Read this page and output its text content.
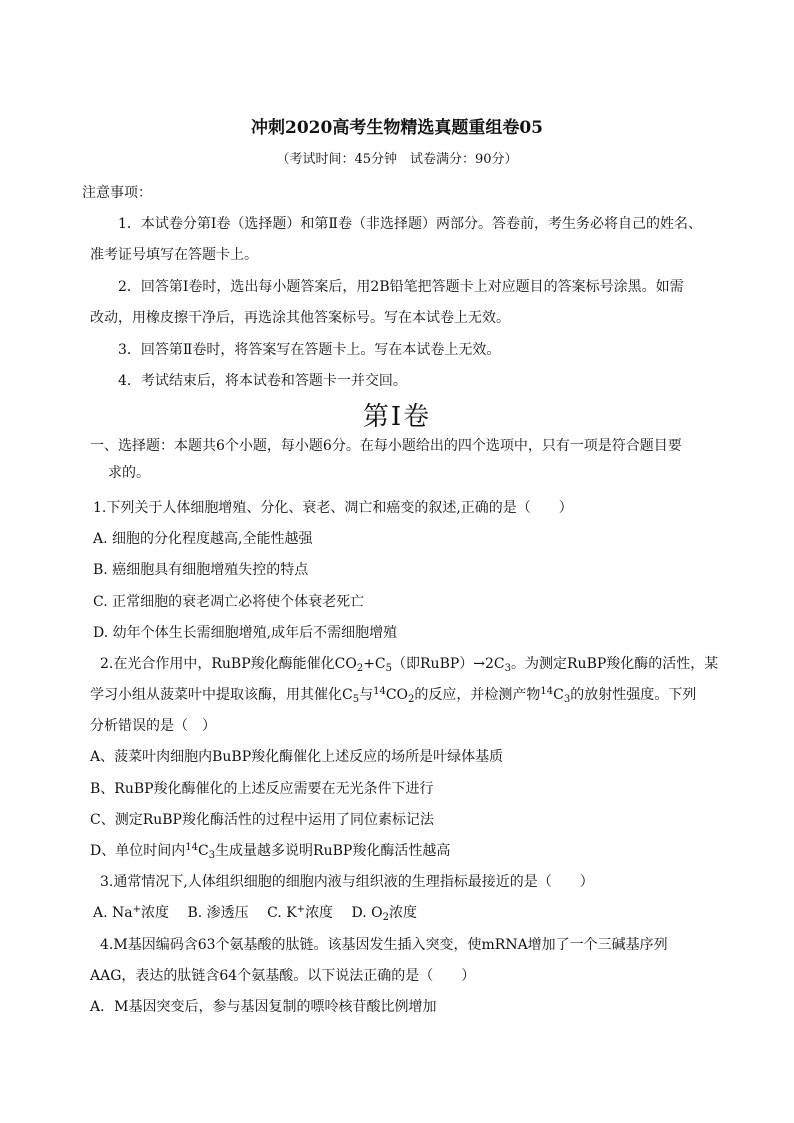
冲刺2020高考生物精选真题重组卷05
（考试时间：45分钟　试卷满分：90分）
注意事项：
1．本试卷分第Ⅰ卷（选择题）和第Ⅱ卷（非选择题）两部分。答卷前，考生务必将自己的姓名、
准考证号填写在答题卡上。
2．回答第Ⅰ卷时，选出每小题答案后，用2B铅笔把答题卡上对应题目的答案标号涂黑。如需
改动，用橡皮擦干净后，再选涂其他答案标号。写在本试卷上无效。
3．回答第Ⅱ卷时，将答案写在答题卡上。写在本试卷上无效。
4．考试结束后，将本试卷和答题卡一并交回。
第Ⅰ卷
一、选择题：本题共6个小题，每小题6分。在每小题给出的四个选项中，只有一项是符合题目要
求的。
1.下列关于人体细胞增殖、分化、衰老、凋亡和癌变的叙述,正确的是（　　）
A. 细胞的分化程度越高,全能性越强
B. 癌细胞具有细胞增殖失控的特点
C. 正常细胞的衰老凋亡必将使个体衰老死亡
D. 幼年个体生长需细胞增殖,成年后不需细胞增殖
2.在光合作用中，RuBP羧化酶能催化$CO_2+C_5$（即$RuBP)\to 2C_3$。为测定RuBP羧化酶的活性，某
学习小组从菠菜叶中提取该酶，用其催化$C_5$与$^{14}CO_2$的反应，并检测产物$^{14}C_3$的放射性强度。下列
分析错误的是（　）
A、菠菜叶肉细胞内BuBP羧化酶催化上述反应的场所是叶绿体基质
B、RuBP羧化酶催化的上述反应需要在无光条件下进行
C、测定RuBP羧化酶活性的过程中运用了同位素标记法
D、单位时间内$^{14}C_3$生成量越多说明RuBP羧化酶活性越高
3.通常情况下,人体组织细胞的细胞内液与组织液的生理指标最接近的是（　　）
A. Na+浓度　 B. 渗透压　 C. K+浓度　 D. $O_2$浓度
4.M基因编码含63个氨基酸的肽链。该基因发生插入突变，使mRNA增加了一个三碱基序列
AAG，表达的肽链含64个氨基酸。以下说法正确的是（　　）
A．M基因突变后，参与基因复制的嘌呤核苷酸比例增加
